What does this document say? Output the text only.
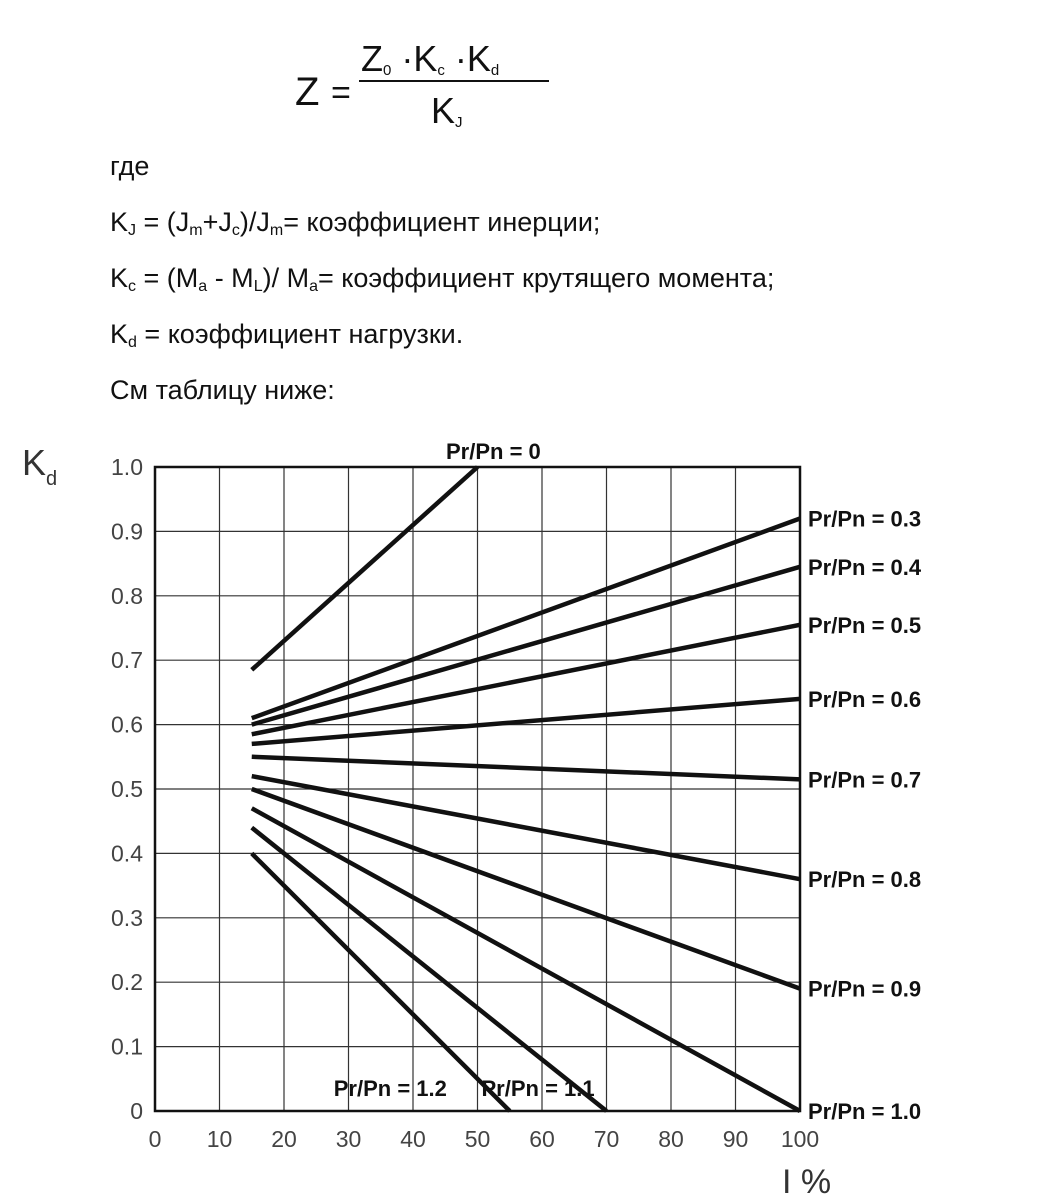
Z =
$Z_0 \cdot K_c \cdot K_d$
$K_J$
где
$K_J = (J_m+J_c)/J_m=$ коэффициент инерции;
$K_c = (M_a - M_L)/$ $M_a=$ коэффициент крутящего момента;
$K_d$ = коэффициент нагрузки.
См таблицу ниже:
0 10 20 30 40 50 60 70 80 90 100
0
0.1
0.2
0.3
0.4
0.5
0.6
0.7
0.8
0.9
1.0
Pr/Pn = 0
Pr/Pn = 0.3
Pr/Pn = 0.4
Pr/Pn = 0.5
Pr/Pn = 0.6
Pr/Pn = 0.7
Pr/Pn = 0.8
Pr/Pn = 0.9
Pr/Pn = 1.0
Pr/Pn = 1.1
Pr/Pn = 1.2
$K_d$
I %
